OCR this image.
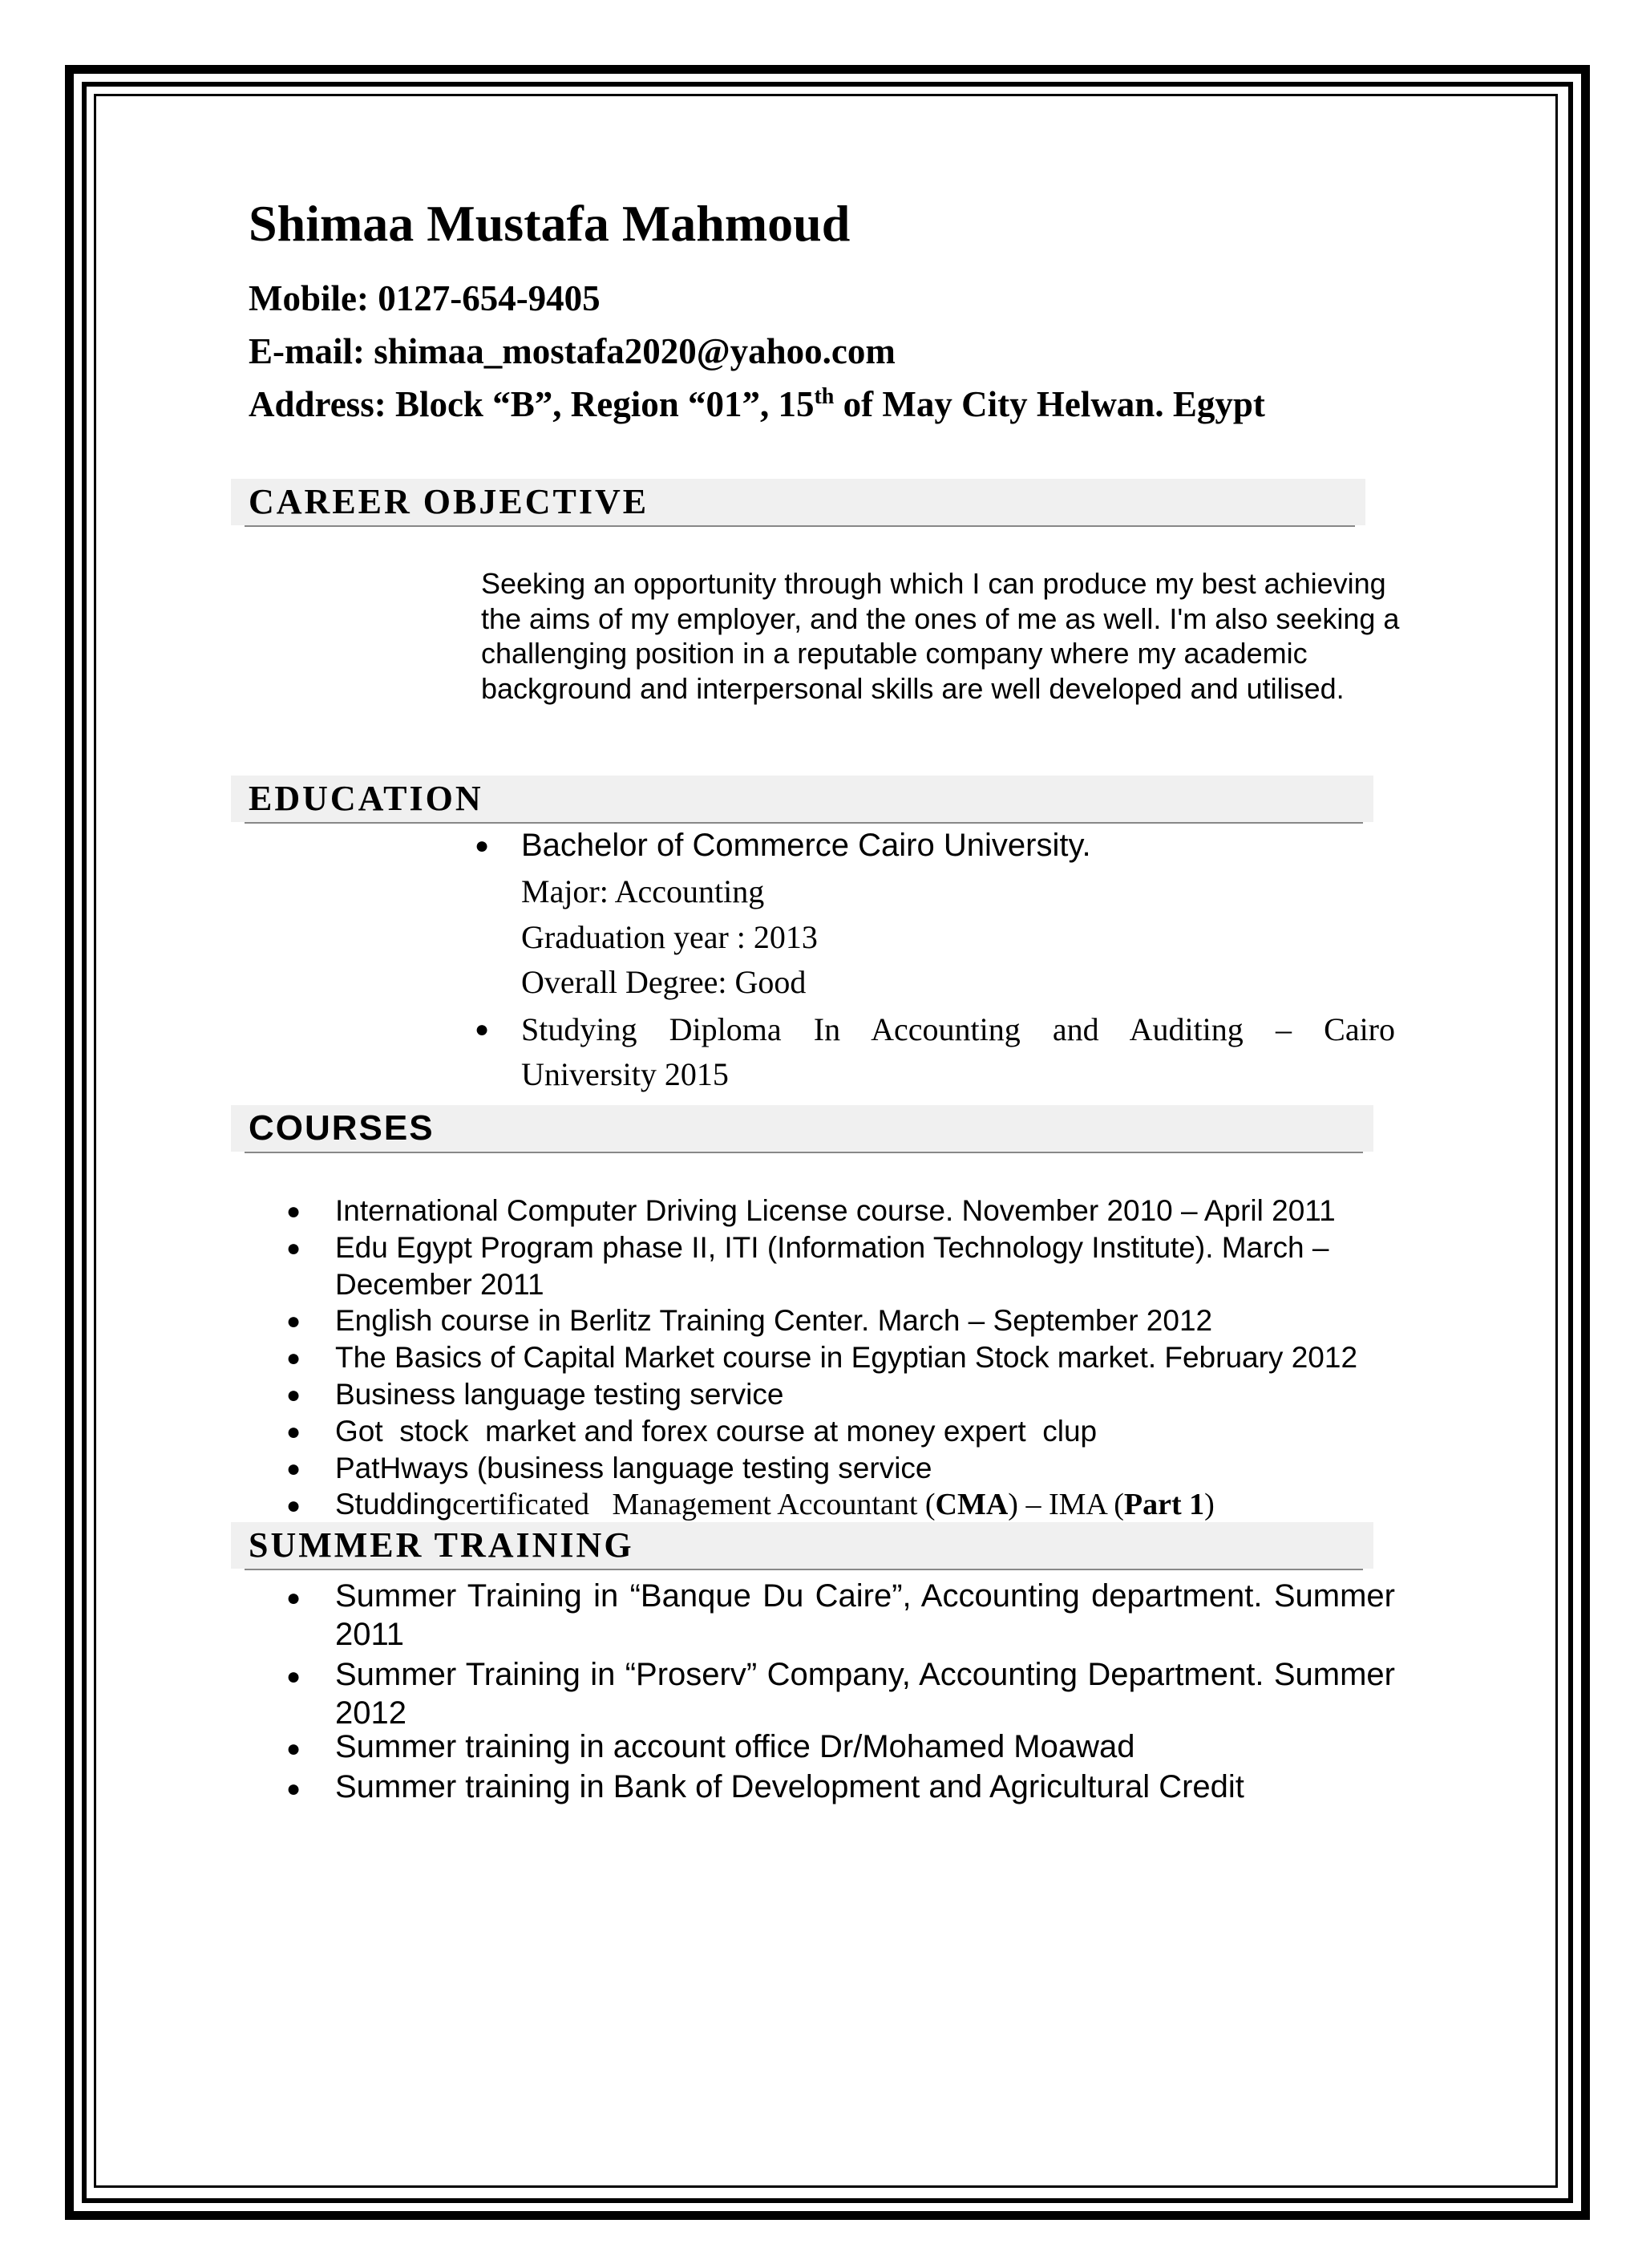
Shimaa Mustafa Mahmoud
Mobile: 0127-654-9405
E-mail: shimaa_mostafa2020@yahoo.com
Address: Block “B”, Region “01”, 15th of May City Helwan. Egypt
CAREER OBJECTIVE

Seeking an opportunity through which I can produce my best achieving the aims of my employer, and the ones of me as well. I'm also seeking a challenging position in a reputable company where my academic background and interpersonal skills are well developed and utilised.

EDUCATION
● Bachelor of Commerce Cairo University.
Major: Accounting
Graduation year : 2013
Overall Degree: Good
● Studying Diploma In Accounting and Auditing – Cairo
University 2015
COURSES
● International Computer Driving License course. November 2010 – April 2011
● Edu Egypt Program phase II, ITI (Information Technology Institute). March – December 2011
● English course in Berlitz Training Center. March – September 2012
● The Basics of Capital Market course in Egyptian Stock market. February 2012
● Business language testing service
● Got  stock  market and forex course at money expert  clup
● PatHways (business language testing service
● Studdingcertificated   Management Accountant (CMA) – IMA (Part 1)
SUMMER TRAINING
● Summer Training in “Banque Du Caire”, Accounting department. Summer 2011
● Summer Training in “Proserv” Company, Accounting Department. Summer 2012
● Summer training in account office Dr/Mohamed Moawad
● Summer training in Bank of Development and Agricultural Credit
